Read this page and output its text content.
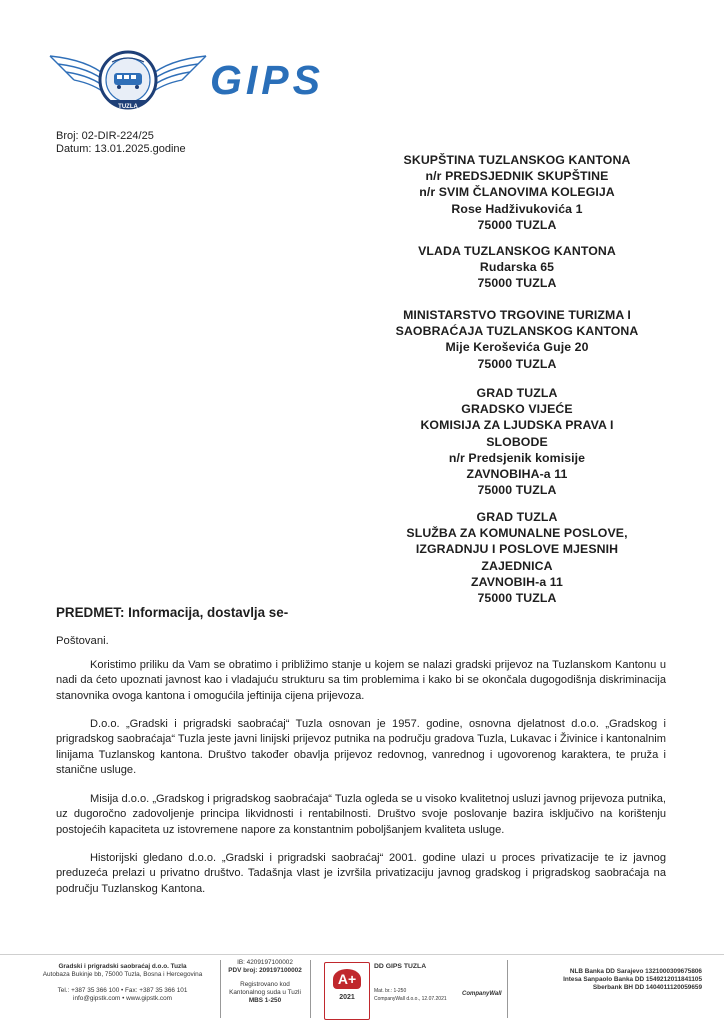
TUZLA
GIPS
Broj: 02-DIR-224/25
Datum: 13.01.2025.godine
SKUPŠTINA TUZLANSKOG KANTONA
n/r PREDSJEDNIK SKUPŠTINE
n/r SVIM ČLANOVIMA KOLEGIJA
Rose Hadživukovića 1
75000 TUZLA
VLADA TUZLANSKOG KANTONA
Rudarska 65
75000 TUZLA
MINISTARSTVO TRGOVINE TURIZMA I
SAOBRAĆAJA TUZLANSKOG KANTONA
Mije Keroševića Guje 20
75000 TUZLA
GRAD TUZLA
GRADSKO VIJEĆE
KOMISIJA ZA LJUDSKA PRAVA I
SLOBODE
n/r Predsjenik komisije
ZAVNOBIHA-a 11
75000 TUZLA
GRAD TUZLA
SLUŽBA ZA KOMUNALNE POSLOVE,
IZGRADNJU I POSLOVE MJESNIH
ZAJEDNICA
ZAVNOBIH-a 11
75000 TUZLA
PREDMET: Informacija, dostavlja se-
Poštovani.
Koristimo priliku da Vam se obratimo i približimo stanje u kojem se nalazi gradski prijevoz na Tuzlanskom Kantonu u nadi da ćeto upoznati javnost kao i vladajuću strukturu sa tim problemima i kako bi se okončala dugogodišnja diskriminacija stanovnika ovoga kantona i omogućila jeftinija cijena prijevoza.
D.o.o. „Gradski i prigradski saobraćaj“ Tuzla osnovan je 1957. godine, osnovna djelatnost d.o.o. „Gradskog i prigradskog saobraćaja“ Tuzla jeste javni linijski prijevoz putnika na području gradova Tuzla, Lukavac i Živinice i kantonalnim linijama Tuzlanskog kantona. Društvo također obavlja prijevoz redovnog, vanrednog i ugovorenog karaktera, te pruža i stanične usluge.
Misija d.o.o. „Gradskog i prigradskog saobraćaja“ Tuzla ogleda se u visoko kvalitetnoj usluzi javnog prijevoza putnika, uz dugoročno zadovoljenje principa likvidnosti i rentabilnosti. Društvo svoje poslovanje bazira isključivo na korištenju postojećih kapaciteta uz istovremene napore za konstantnim poboljšanjem kvaliteta usluge.
Historijski gledano d.o.o. „Gradski i prigradski saobraćaj“ 2001. godine ulazi u proces privatizacije te iz javnog preduzeća prelazi u privatno društvo. Tadašnja vlast je izvršila privatizaciju javnog gradskog i prigradskog saobraćaja na području Tuzlanskog Kantona.
Gradski i prigradski saobraćaj d.o.o. Tuzla
Autobaza Bukinje bb, 75000 Tuzla, Bosna i Hercegovina
Tel.: +387 35 366 100 • Fax: +387 35 366 101
info@gipstk.com • www.gipstk.com
IB: 4209197100002
PDV broj: 209197100002
Registrovano kod
Kantonalnog suda u Tuzli
MBS 1-250
A+
2021
DD GIPS TUZLA
Mat. br.: 1-250
CompanyWall d.o.o., 12.07.2021
CompanyWall
NLB Banka DD Sarajevo 1321000309675806
Intesa Sanpaolo Banka DD 1549212011841105
Sberbank BH DD 1404011120059659
